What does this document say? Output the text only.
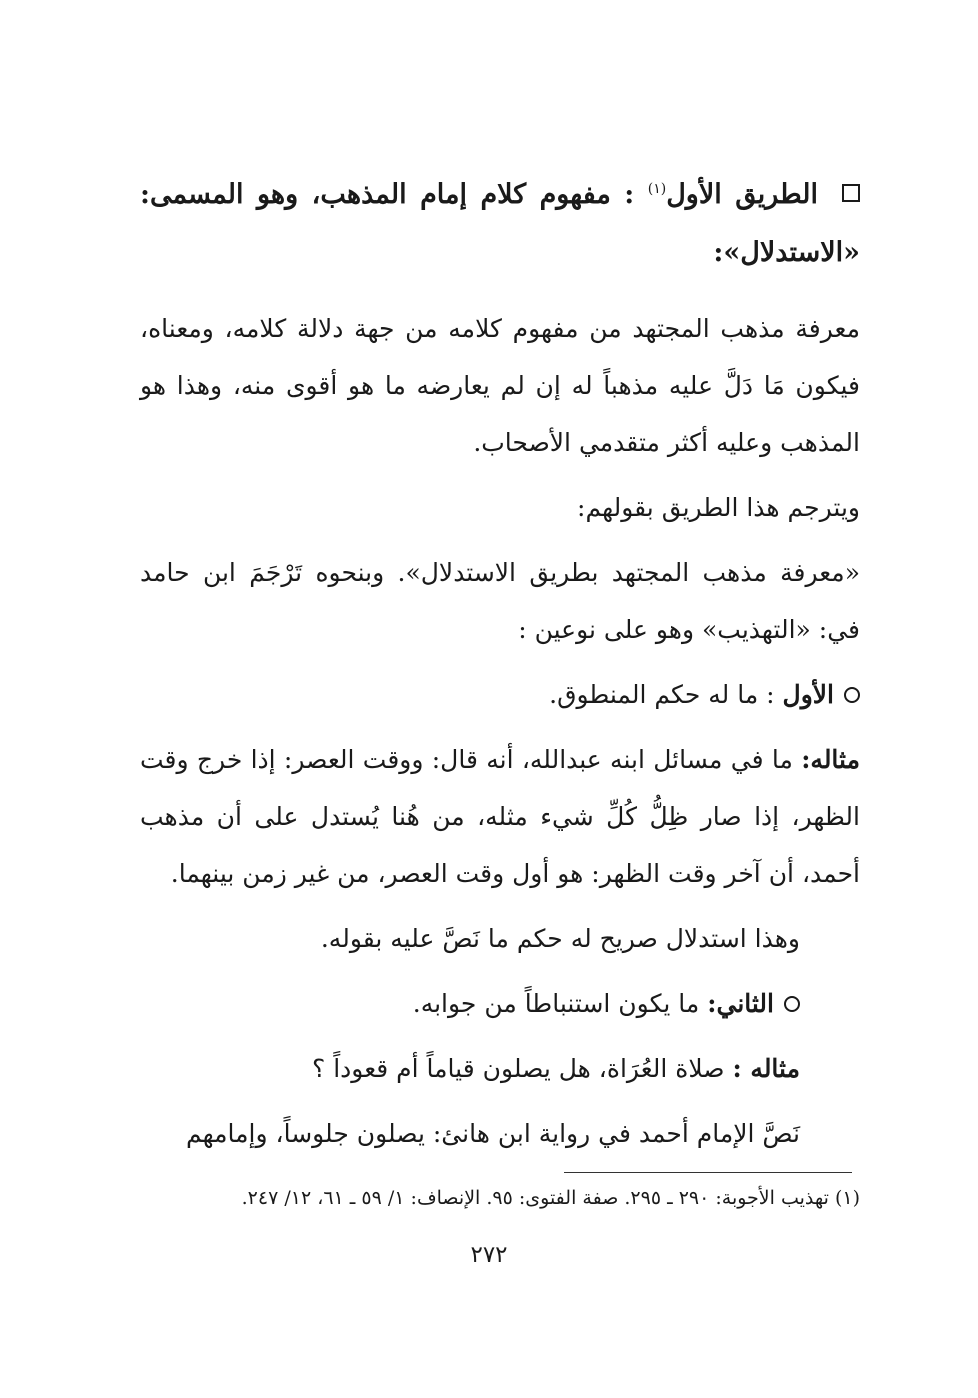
الطريق الأول$^{(١)}$ : مفهوم كلام إمام المذهب، وهو المسمى: «الاستدلال»:

معرفة مذهب المجتهد من مفهوم كلامه من جهة دلالة كلامه، ومعناه، فيكون مَا دَلَّ عليه مذهباً له إن لم يعارضه ما هو أقوى منه، وهذا هو المذهب وعليه أكثر متقدمي الأصحاب.

ويترجم هذا الطريق بقولهم:

«معرفة مذهب المجتهد بطريق الاستدلال». وبنحوه تَرْجَمَ ابن حامد في: «التهذيب» وهو على نوعين :

الأول : ما له حكم المنطوق.

مثاله: ما في مسائل ابنه عبدالله، أنه قال: ووقت العصر: إذا خرج وقت الظهر، إذا صار ظِلُّ كُلِّ شيء مثله، من هُنا يُستدل على أن مذهب أحمد، أن آخر وقت الظهر: هو أول وقت العصر، من غير زمن بينهما.

وهذا استدلال صريح له حكم ما نَصَّ عليه بقوله.

الثاني: ما يكون استنباطاً من جوابه.

مثاله : صلاة العُرَاة، هل يصلون قياماً أم قعوداً ؟

نَصَّ الإمام أحمد في رواية ابن هانئ: يصلون جلوساً، وإمامهم

(١) تهذيب الأجوبة: ٢٩٠ ـ ٢٩٥. صفة الفتوى: ٩٥. الإنصاف: ١/ ٥٩ ـ ٦١، ١٢/ ٢٤٧.
٢٧٢
